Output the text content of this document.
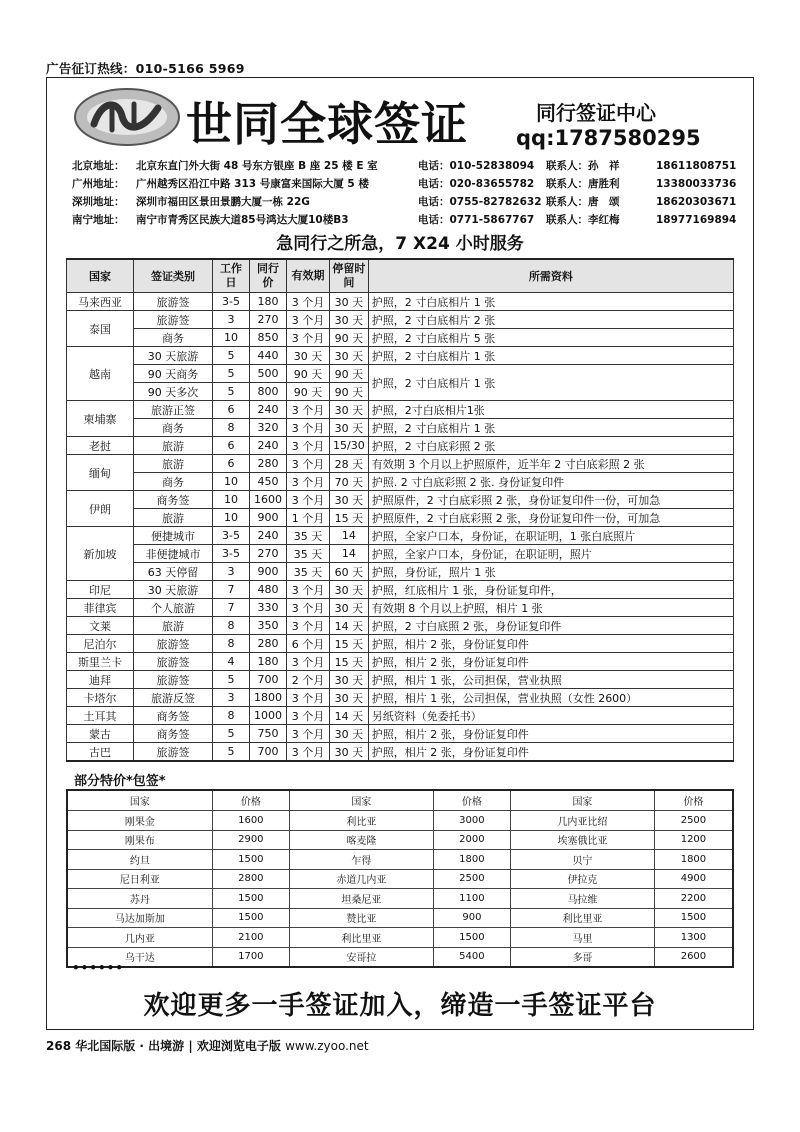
广告征订热线：010-5166 5969
世同全球签证	同行签证中心
qq:1787580295
北京地址： 北京东直门外大街 48 号东方银座 B 座 25 楼 E 室	电话：010-52838094 联系人：孙　祥	18611808751
广州地址： 广州越秀区沿江中路 313 号康富来国际大厦 5 楼	电话：020-83655782 联系人：唐胜利	13380033736
深圳地址： 深圳市福田区景田景鹏大厦一栋 22G	电话：0755-82782632 联系人：唐　颂	18620303671
南宁地址： 南宁市青秀区民族大道85号鸿达大厦10楼B3	电话：0771-5867767 联系人：李红梅	18977169894
急同行之所急，7 X24 小时服务
国家	签证类别	工作日	同行价	有效期	停留时间	所需资料
马来西亚	旅游签	3-5	180	3 个月	30 天	护照，2 寸白底相片 1 张
泰国	旅游签	3	270	3 个月	30 天	护照，2 寸白底相片 2 张
	商务	10	850	3 个月	90 天	护照，2 寸白底相片 5 张
越南	30 天旅游	5	440	30 天	30 天	护照，2 寸白底相片 1 张
	90 天商务	5	500	90 天	90 天	护照，2 寸白底相片 1 张
	90 天多次	5	800	90 天	90 天	
柬埔寨	旅游正签	6	240	3 个月	30 天	护照，2寸白底相片1张
	商务	8	320	3 个月	30 天	护照，2 寸白底相片 1 张
老挝	旅游	6	240	3 个月	15/30	护照，2 寸白底彩照 2 张
缅甸	旅游	6	280	3 个月	28 天	有效期 3 个月以上护照原件，近半年 2 寸白底彩照 2 张
	商务	10	450	3 个月	70 天	护照. 2 寸白底彩照 2 张. 身份证复印件
伊朗	商务签	10	1600	3 个月	30 天	护照原件，2 寸白底彩照 2 张，身份证复印件一份，可加急
	旅游	10	900	1 个月	15 天	护照原件，2 寸白底彩照 2 张，身份证复印件一份，可加急
新加坡	便捷城市	3-5	240	35 天	14	护照，全家户口本，身份证，在职证明，1 张白底照片
	非便捷城市	3-5	270	35 天	14	护照，全家户口本，身份证，在职证明，照片
	63 天停留	3	900	35 天	60 天	护照，身份证，照片 1 张
印尼	30 天旅游	7	480	3 个月	30 天	护照，红底相片 1 张，身份证复印件，
菲律宾	个人旅游	7	330	3 个月	30 天	有效期 8 个月以上护照，相片 1 张
文莱	旅游	8	350	3 个月	14 天	护照，2 寸白底照 2 张，身份证复印件
尼泊尔	旅游签	8	280	6 个月	15 天	护照，相片 2 张，身份证复印件
斯里兰卡	旅游签	4	180	3 个月	15 天	护照，相片 2 张，身份证复印件
迪拜	旅游签	5	700	2 个月	30 天	护照，相片 1 张，公司担保，营业执照
卡塔尔	旅游反签	3	1800	3 个月	30 天	护照，相片 1 张，公司担保，营业执照（女性 2600）
土耳其	商务签	8	1000	3 个月	14 天	另纸资料（免委托书）
蒙古	商务签	5	750	3 个月	30 天	护照，相片 2 张，身份证复印件
古巴	旅游签	5	700	3 个月	30 天	护照，相片 2 张，身份证复印件
部分特价*包签*
国家	价格	国家	价格	国家	价格
刚果金	1600	利比亚	3000	几内亚比绍	2500
刚果布	2900	喀麦隆	2000	埃塞俄比亚	1200
约旦	1500	乍得	1800	贝宁	1800
尼日利亚	2800	赤道几内亚	2500	伊拉克	4900
苏丹	1500	坦桑尼亚	1100	马拉维	2200
马达加斯加	1500	赞比亚	900	利比里亚	1500
几内亚	2100	利比里亚	1500	马里	1300
乌干达	1700	安哥拉	5400	多哥	2600
••••••
欢迎更多一手签证加入，缔造一手签证平台
268 华北国际版 · 出境游 | 欢迎浏览电子版 www.zyoo.net
